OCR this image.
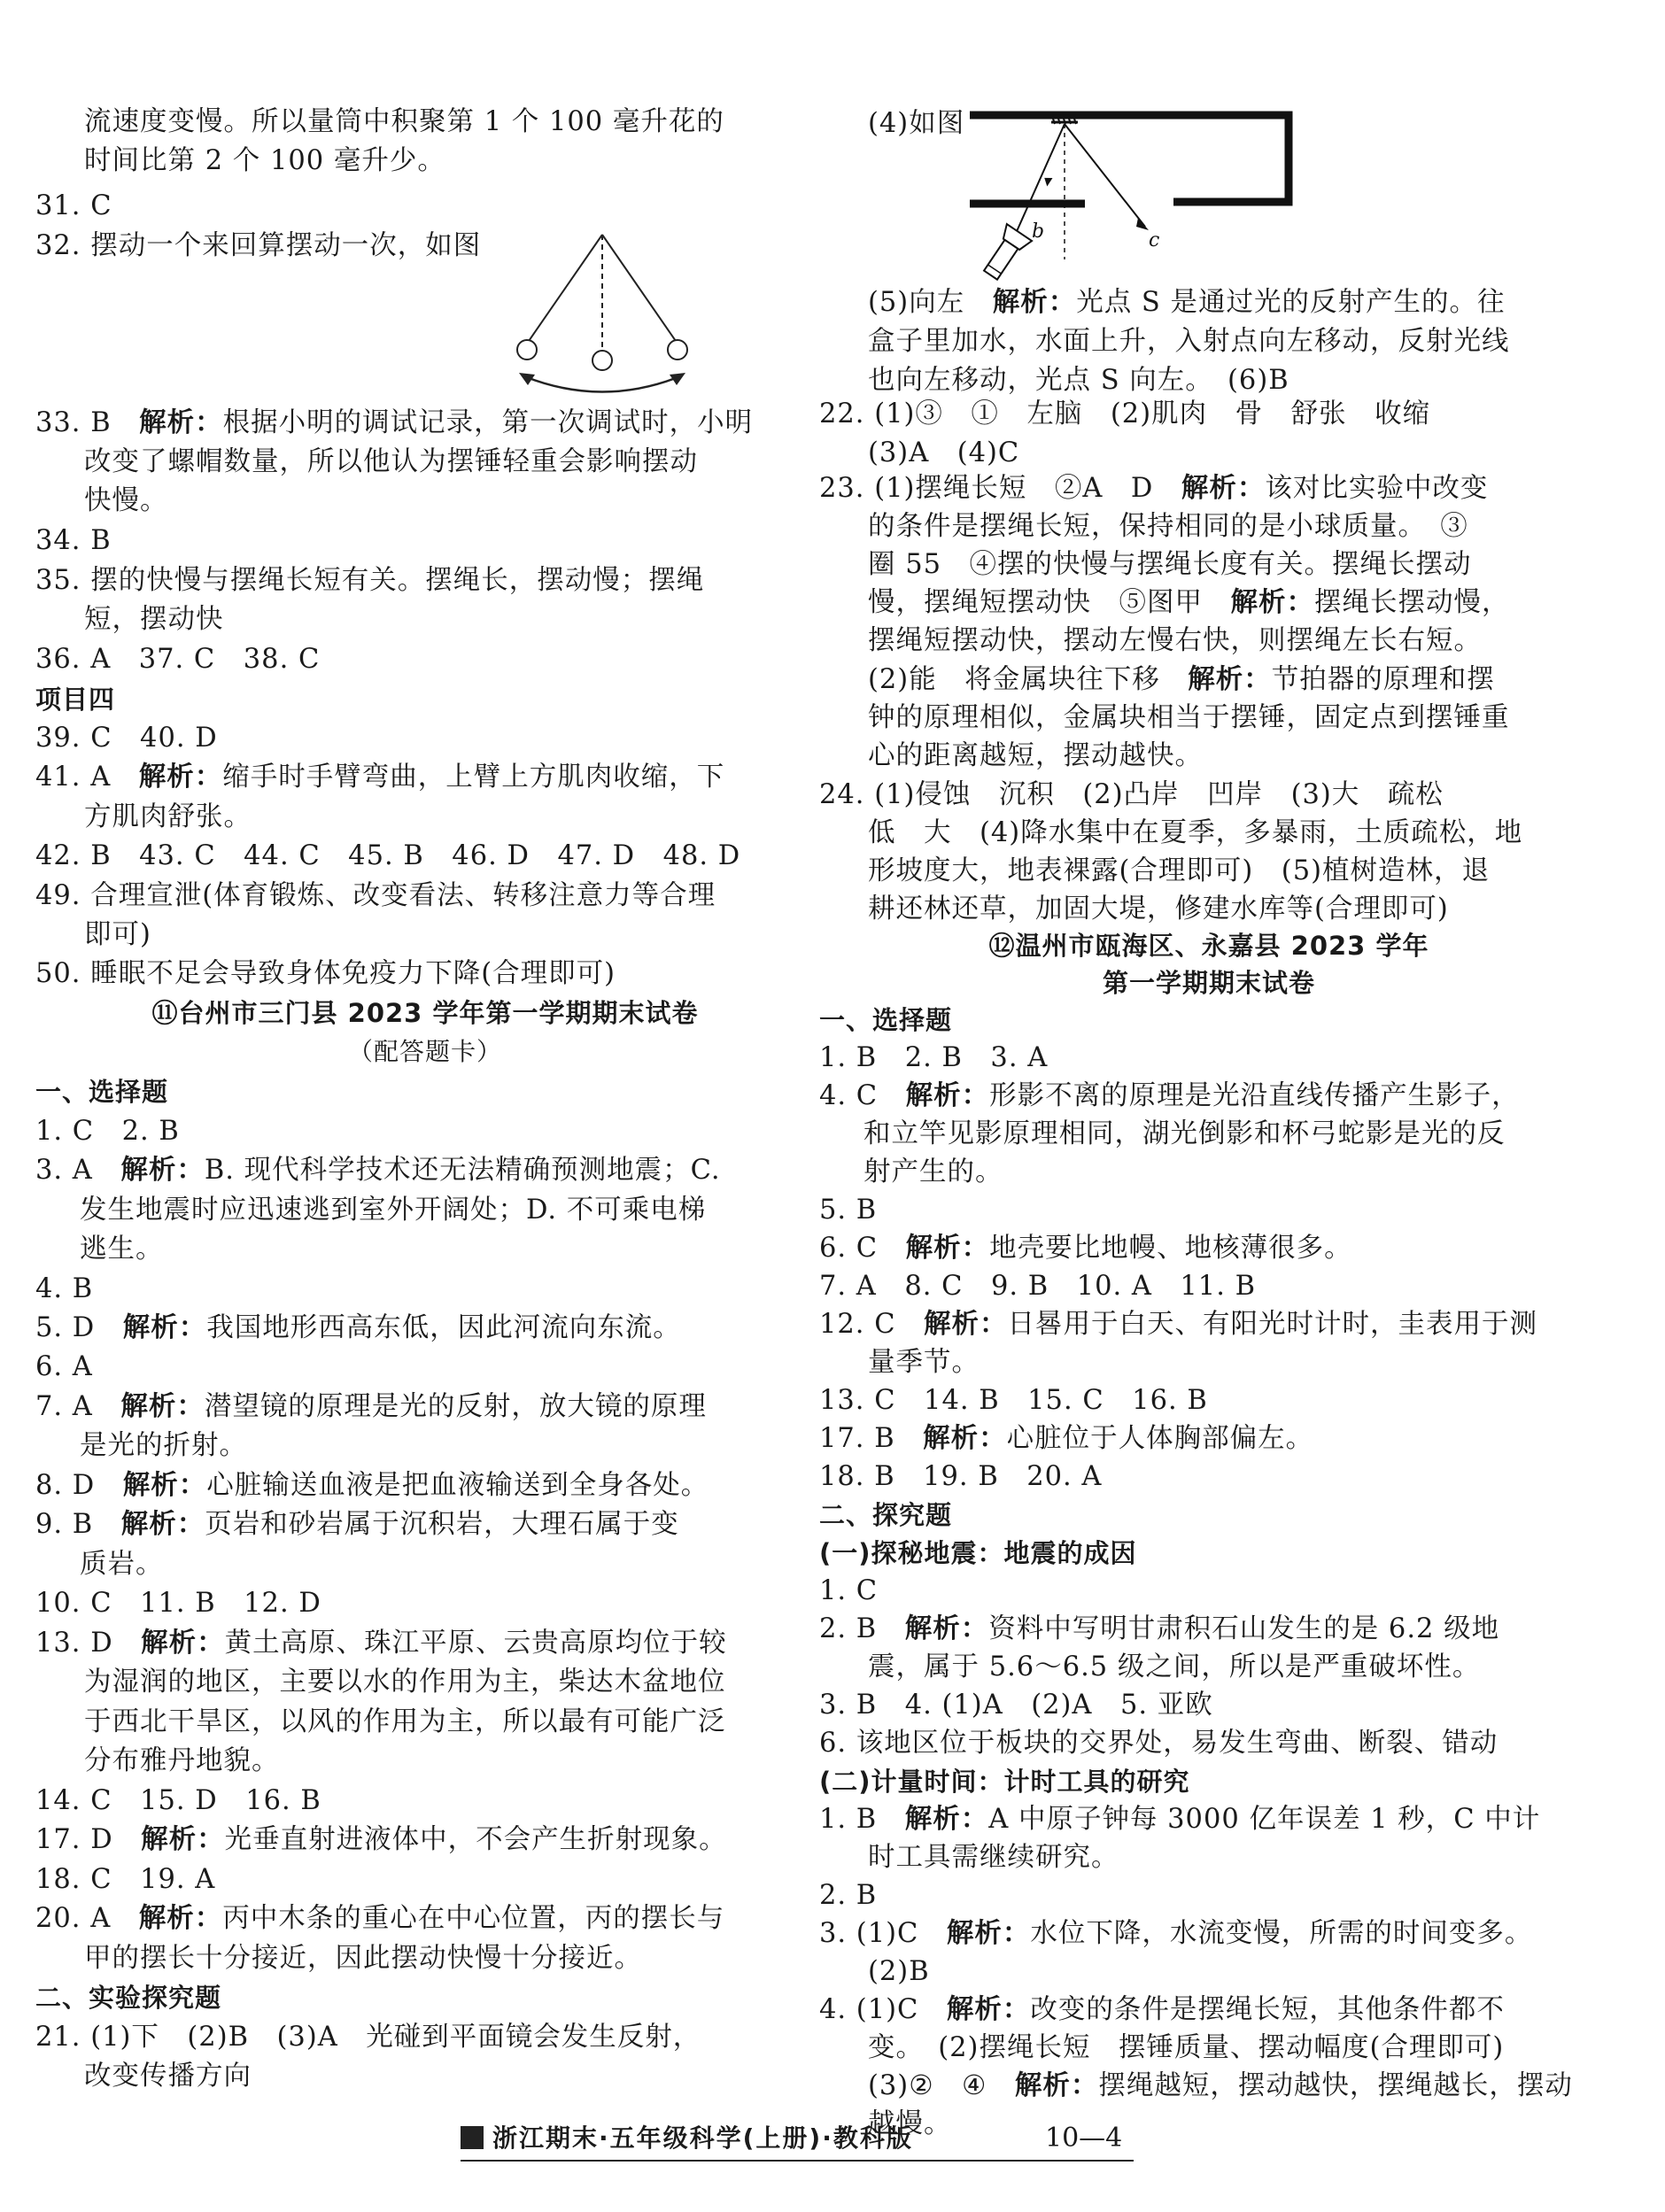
流速度变慢。所以量筒中积聚第 1 个 100 毫升花的
时间比第 2 个 100 毫升少。
31. C
32. 摆动一个来回算摆动一次，如图
33. B　 解析：根据小明的调试记录，第一次调试时，小明
改变了螺帽数量，所以他认为摆锤轻重会影响摆动
快慢。
34. B
35. 摆的快慢与摆绳长短有关。摆绳长，摆动慢；摆绳
短，摆动快
36. A　37. C　38. C
项目四
39. C　40. D
41. A　 解析：缩手时手臂弯曲，上臂上方肌肉收缩，下
方肌肉舒张。
42. B　43. C　44. C　45. B　46. D　47. D　48. D
49. 合理宣泄(体育锻炼、改变看法、转移注意力等合理
即可)
50. 睡眠不足会导致身体免疫力下降(合理即可)
⑪台州市三门县 2023 学年第一学期期末试卷
（配答题卡）
一、选择题
1. C　2. B
3. A　 解析：B. 现代科学技术还无法精确预测地震；C.
发生地震时应迅速逃到室外开阔处；D. 不可乘电梯
逃生。
4. B
5. D　 解析：我国地形西高东低，因此河流向东流。
6. A
7. A　 解析：潜望镜的原理是光的反射，放大镜的原理
是光的折射。
8. D　 解析：心脏输送血液是把血液输送到全身各处。
9. B　 解析：页岩和砂岩属于沉积岩，大理石属于变
质岩。
10. C　11. B　12. D
13. D　 解析：黄土高原、珠江平原、云贵高原均位于较
为湿润的地区，主要以水的作用为主，柴达木盆地位
于西北干旱区，以风的作用为主，所以最有可能广泛
分布雅丹地貌。
14. C　15. D　16. B
17. D　 解析：光垂直射进液体中，不会产生折射现象。
18. C　19. A
20. A　 解析：丙中木条的重心在中心位置，丙的摆长与
甲的摆长十分接近，因此摆动快慢十分接近。
二、实验探究题
21. (1)下　(2)B　(3)A　光碰到平面镜会发生反射，
改变传播方向
(4)如图
b	c
(5)向左　 解析：光点 S 是通过光的反射产生的。往
盒子里加水，水面上升，入射点向左移动，反射光线
也向左移动，光点 S 向左。　(6)B
22. (1)③　①　左脑　(2)肌肉　骨　舒张　收缩
(3)A　(4)C
23. (1)摆绳长短　②A　D　 解析：该对比实验中改变
的条件是摆绳长短，保持相同的是小球质量。　③
圈 55　④摆的快慢与摆绳长度有关。摆绳长摆动
慢，摆绳短摆动快　⑤图甲　 解析：摆绳长摆动慢，
摆绳短摆动快，摆动左慢右快，则摆绳左长右短。
(2)能　将金属块往下移　 解析：节拍器的原理和摆
钟的原理相似，金属块相当于摆锤，固定点到摆锤重
心的距离越短，摆动越快。
24. (1)侵蚀　沉积　(2)凸岸　凹岸　(3)大　疏松
低　大　(4)降水集中在夏季，多暴雨，土质疏松，地
形坡度大，地表裸露(合理即可)　(5)植树造林，退
耕还林还草，加固大堤，修建水库等(合理即可)
⑫温州市瓯海区、永嘉县 2023 学年
第一学期期末试卷
一、选择题
1. B　2. B　3. A
4. C　 解析：形影不离的原理是光沿直线传播产生影子，
和立竿见影原理相同，湖光倒影和杯弓蛇影是光的反
射产生的。
5. B
6. C　 解析：地壳要比地幔、地核薄很多。
7. A　8. C　9. B　10. A　11. B
12. C　 解析：日晷用于白天、有阳光时计时，圭表用于测
量季节。
13. C　14. B　15. C　16. B
17. B　 解析：心脏位于人体胸部偏左。
18. B　19. B　20. A
二、探究题
(一)探秘地震：地震的成因
1. C
2. B　 解析：资料中写明甘肃积石山发生的是 6.2 级地
震，属于 5.6～6.5 级之间，所以是严重破坏性。
3. B　4. (1)A　(2)A　5. 亚欧
6. 该地区位于板块的交界处，易发生弯曲、断裂、错动
(二)计量时间：计时工具的研究
1. B　 解析：A 中原子钟每 3000 亿年误差 1 秒，C 中计
时工具需继续研究。
2. B
3. (1)C　 解析：水位下降，水流变慢，所需的时间变多。
(2)B
4. (1)C　 解析：改变的条件是摆绳长短，其他条件都不
变。　(2)摆绳长短　摆锤质量、摆动幅度(合理即可)
(3)②　④　 解析：摆绳越短，摆动越快，摆绳越长，摆动
越慢。
浙江期末·五年级科学(上册)·教科版	10—4
